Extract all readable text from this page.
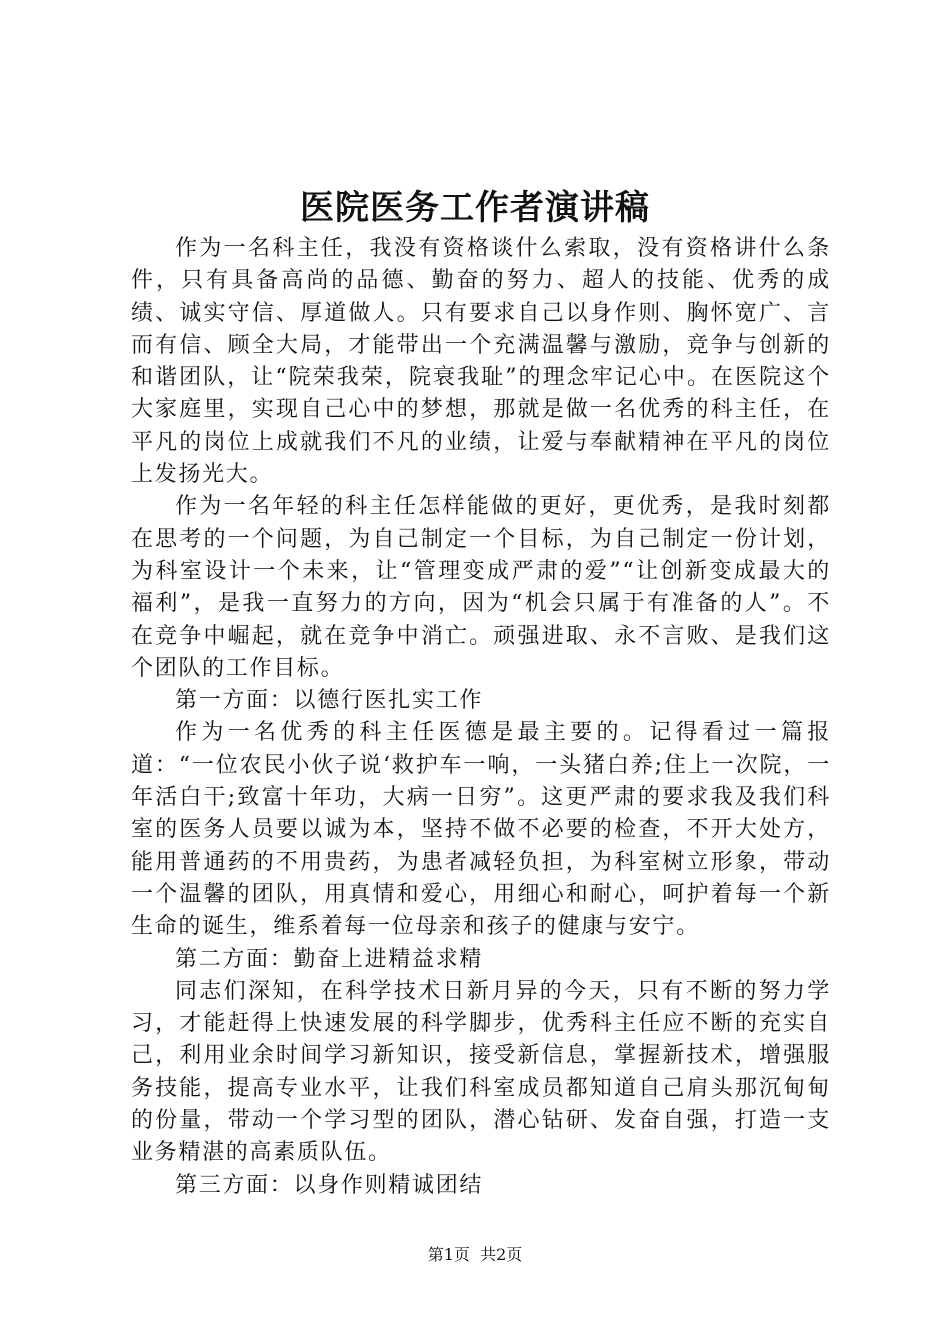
医院医务工作者演讲稿

作为一名科主任，我没有资格谈什么索取，没有资格讲什么条件，只有具备高尚的品德、勤奋的努力、超人的技能、优秀的成绩、诚实守信、厚道做人。只有要求自己以身作则、胸怀宽广、言而有信、顾全大局，才能带出一个充满温馨与激励，竞争与创新的和谐团队，让“院荣我荣，院衰我耻”的理念牢记心中。在医院这个大家庭里，实现自己心中的梦想，那就是做一名优秀的科主任，在平凡的岗位上成就我们不凡的业绩，让爱与奉献精神在平凡的岗位上发扬光大。

作为一名年轻的科主任怎样能做的更好，更优秀，是我时刻都在思考的一个问题，为自己制定一个目标，为自己制定一份计划，为科室设计一个未来，让“管理变成严肃的爱”“让创新变成最大的福利”，是我一直努力的方向，因为“机会只属于有准备的人”。不在竞争中崛起，就在竞争中消亡。顽强进取、永不言败、是我们这个团队的工作目标。

第一方面：以德行医扎实工作

作为一名优秀的科主任医德是最主要的。记得看过一篇报道：“一位农民小伙子说‘救护车一响，一头猪白养;住上一次院，一年活白干;致富十年功，大病一日穷”。这更严肃的要求我及我们科室的医务人员要以诚为本，坚持不做不必要的检查，不开大处方，能用普通药的不用贵药，为患者减轻负担，为科室树立形象，带动一个温馨的团队，用真情和爱心，用细心和耐心，呵护着每一个新生命的诞生，维系着每一位母亲和孩子的健康与安宁。

第二方面：勤奋上进精益求精

同志们深知，在科学技术日新月异的今天，只有不断的努力学习，才能赶得上快速发展的科学脚步，优秀科主任应不断的充实自己，利用业余时间学习新知识，接受新信息，掌握新技术，增强服务技能，提高专业水平，让我们科室成员都知道自己肩头那沉甸甸的份量，带动一个学习型的团队，潜心钻研、发奋自强，打造一支业务精湛的高素质队伍。

第三方面：以身作则精诚团结

第1页 共2页
